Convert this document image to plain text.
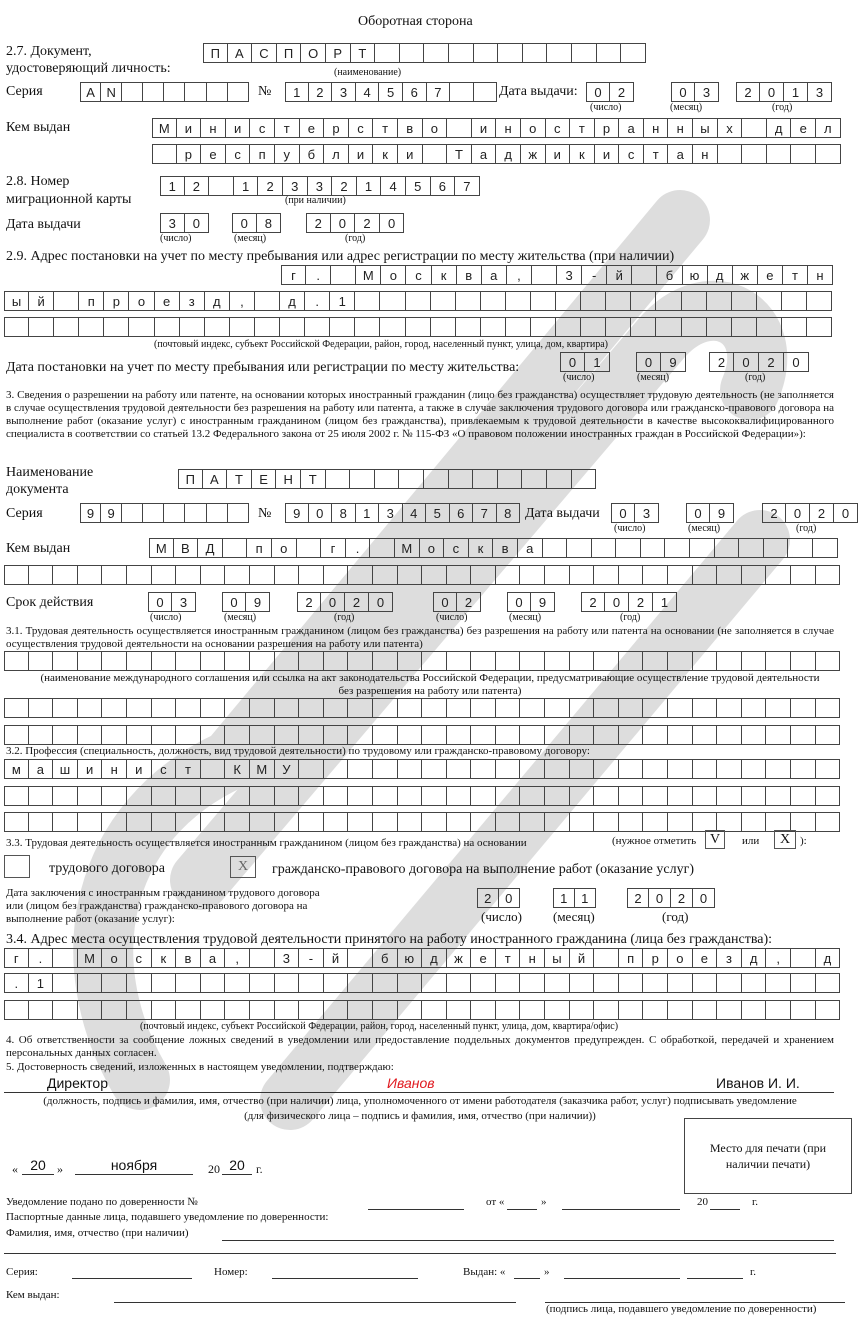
Оборотная сторона
2.7. Документ,
удостоверяющий личность:
П	А	С	П	О	Р	Т
(наименование)
Серия	A N	№	1	2	3	4	5	6	7	Дата выдачи:	0	2	0	3	2	0	1	3
(число)	(месяц)	(год)
Кем выдан	М	и	н	и	с	т	е	р	с	т	в	о	и	н	о	с	т	р	а	н	н	ы	х	д	е	л
р	е	с	п	у	б	л	и	к	и	Т	а	д	ж	и	к	и	с	т	а	н
2.8. Номер
миграционной карты
1	2	1	2	3	3	2	1	4	5	6	7
(при наличии)
Дата выдачи	3	0	0	8	2	0	2	0
(число)	(месяц)	(год)
2.9. Адрес постановки на учет по месту пребывания или адрес регистрации по месту жительства (при наличии)
г	.	М	о	с	к	в	а	,	3	-	й	б	ю	д	ж	е	т	н
ы	й	п	р	о	е	з	д	,	д	.	1
(почтовый индекс, субъект Российской Федерации, район, город, населенный пункт, улица, дом, квартира)
Дата постановки на учет по месту пребывания или регистрации по месту жительства:	0	1	0	9	2	0	2	0
(число)	(месяц)	(год)
3. Сведения о разрешении на работу или патенте, на основании которых иностранный гражданин (лицо без гражданства) осуществляет трудовую деятельность (не заполняется в случае осуществления трудовой деятельности без разрешения на работу или патента, а также в случае заключения трудового договора или гражданско-правового договора на выполнение работ (оказание услуг) с иностранным гражданином (лицом без гражданства), привлекаемым к трудовой деятельности в качестве высококвалифицированного специалиста в соответствии со статьей 13.2 Федерального закона от 25 июля 2002 г. № 115-ФЗ «О правовом положении иностранных граждан в Российской Федерации»):
Наименование
документа
П	А	Т	Е	Н	Т
Серия	9	9	№	9	0	8	1	3	4	5	6	7	8 Дата выдачи	0	3	0	9	2	0	2	0
(число)	(месяц)	(год)
Кем выдан	М	В	Д	п	о	г	.	М	о	с	к	в	а
Срок действия	0	3	0	9	2	0	2	0	0	2	0	9	2	0	2	1
(число)	(месяц)	(год)	(число)	(месяц)	(год)
3.1. Трудовая деятельность осуществляется иностранным гражданином (лицом без гражданства) без разрешения на работу или патента на основании (не заполняется в случае осуществления трудовой деятельности на основании разрешения на работу или патента)
(наименование международного соглашения или ссылка на акт законодательства Российской Федерации, предусматривающие осуществление трудовой деятельности без разрешения на работу или патента)
3.2. Профессия (специальность, должность, вид трудовой деятельности) по трудовому или гражданско-правовому договору:
м	а	ш	и	н	и	с	т	К	М	У
3.3. Трудовая деятельность осуществляется иностранным гражданином (лицом без гражданства) на основании	(нужное отметить V	или	X ):
трудового договора	X	гражданско-правового договора на выполнение работ (оказание услуг)
Дата заключения с иностранным гражданином трудового договора или (лицом без гражданства) гражданско-правового договора на выполнение работ (оказание услуг):
2	0	1	1	2	0	2	0
(число) (месяц)	(год)
3.4. Адрес места осуществления трудовой деятельности принятого на работу иностранного гражданина (лица без гражданства):
г	.	М	о	с	к	в	а	,	3	-	й	б	ю	д	ж	е	т	н	ы	й	п	р	о	е	з	д	,	д
.	1
(почтовый индекс, субъект Российской Федерации, район, город, населенный пункт, улица, дом, квартира/офис)
4. Об ответственности за сообщение ложных сведений в уведомлении или предоставление поддельных документов предупрежден. С обработкой, передачей и хранением персональных данных согласен.
5. Достоверность сведений, изложенных в настоящем уведомлении, подтверждаю:
Директор	Иванов	Иванов И. И.
(должность, подпись и фамилия, имя, отчество (при наличии) лица, уполномоченного от имени работодателя (заказчика работ, услуг) подписывать уведомление
(для физического лица – подпись и фамилия, имя, отчество (при наличии))
Место для печати (при наличии печати)
« 20 »	ноября	20 20 г.
Уведомление подано по доверенности №	от «	»	20	г.
Паспортные данные лица, подавшего уведомление по доверенности:
Фамилия, имя, отчество (при наличии)
Серия:	Номер:	Выдан: «	»	г.
Кем выдан:
(подпись лица, подавшего уведомление по доверенности)
